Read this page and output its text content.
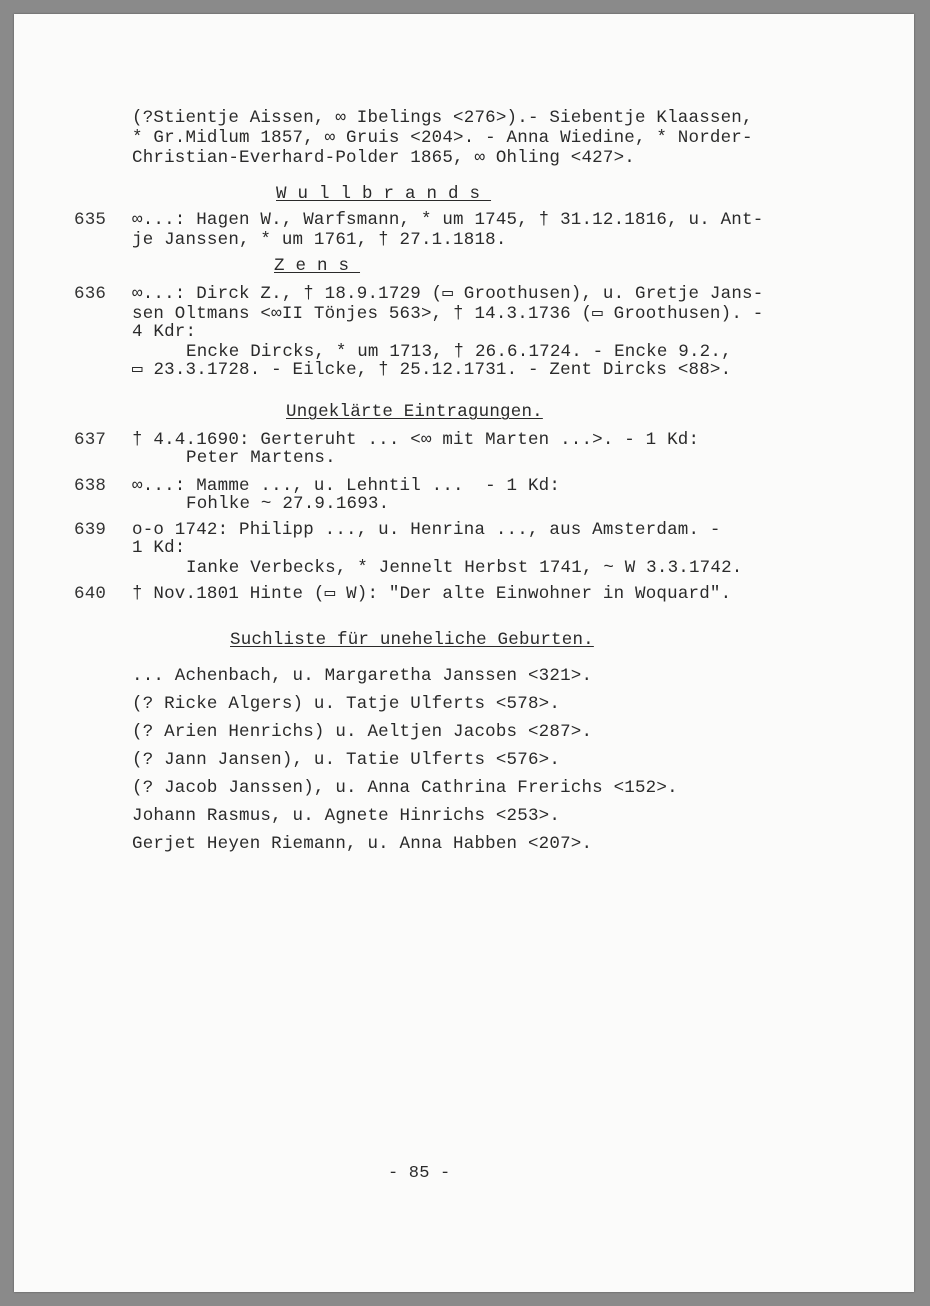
(?Stientje Aissen, ∞ Ibelings <276>).- Siebentje Klaassen,
* Gr.Midlum 1857, ∞ Gruis <204>. - Anna Wiedine, * Norder-
Christian-Everhard-Polder 1865, ∞ Ohling <427>.
Wullbrands
635 ∞...: Hagen W., Warfsmann, * um 1745, † 31.12.1816, u. Ant-
je Janssen, * um 1761, † 27.1.1818.
Zens
636 ∞...: Dirck Z., † 18.9.1729 (▭ Groothusen), u. Gretje Jans-
sen Oltmans <∞II Tönjes 563>, † 14.3.1736 (▭ Groothusen). -
4 Kdr:
Encke Dircks, * um 1713, † 26.6.1724. - Encke 9.2.,
▭ 23.3.1728. - Eilcke, † 25.12.1731. - Zent Dircks <88>.
Ungeklärte Eintragungen.
637 † 4.4.1690: Gerteruht ... <∞ mit Marten ...>. - 1 Kd:
Peter Martens.
638 ∞...: Mamme ..., u. Lehntil ...  - 1 Kd:
Fohlke ~ 27.9.1693.
639 o-o 1742: Philipp ..., u. Henrina ..., aus Amsterdam. -
1 Kd:
Ianke Verbecks, * Jennelt Herbst 1741, ~ W 3.3.1742.
640 † Nov.1801 Hinte (▭ W): "Der alte Einwohner in Woquard".
Suchliste für uneheliche Geburten.
... Achenbach, u. Margaretha Janssen <321>.
(? Ricke Algers) u. Tatje Ulferts <578>.
(? Arien Henrichs) u. Aeltjen Jacobs <287>.
(? Jann Jansen), u. Tatie Ulferts <576>.
(? Jacob Janssen), u. Anna Cathrina Frerichs <152>.
Johann Rasmus, u. Agnete Hinrichs <253>.
Gerjet Heyen Riemann, u. Anna Habben <207>.
- 85 -
